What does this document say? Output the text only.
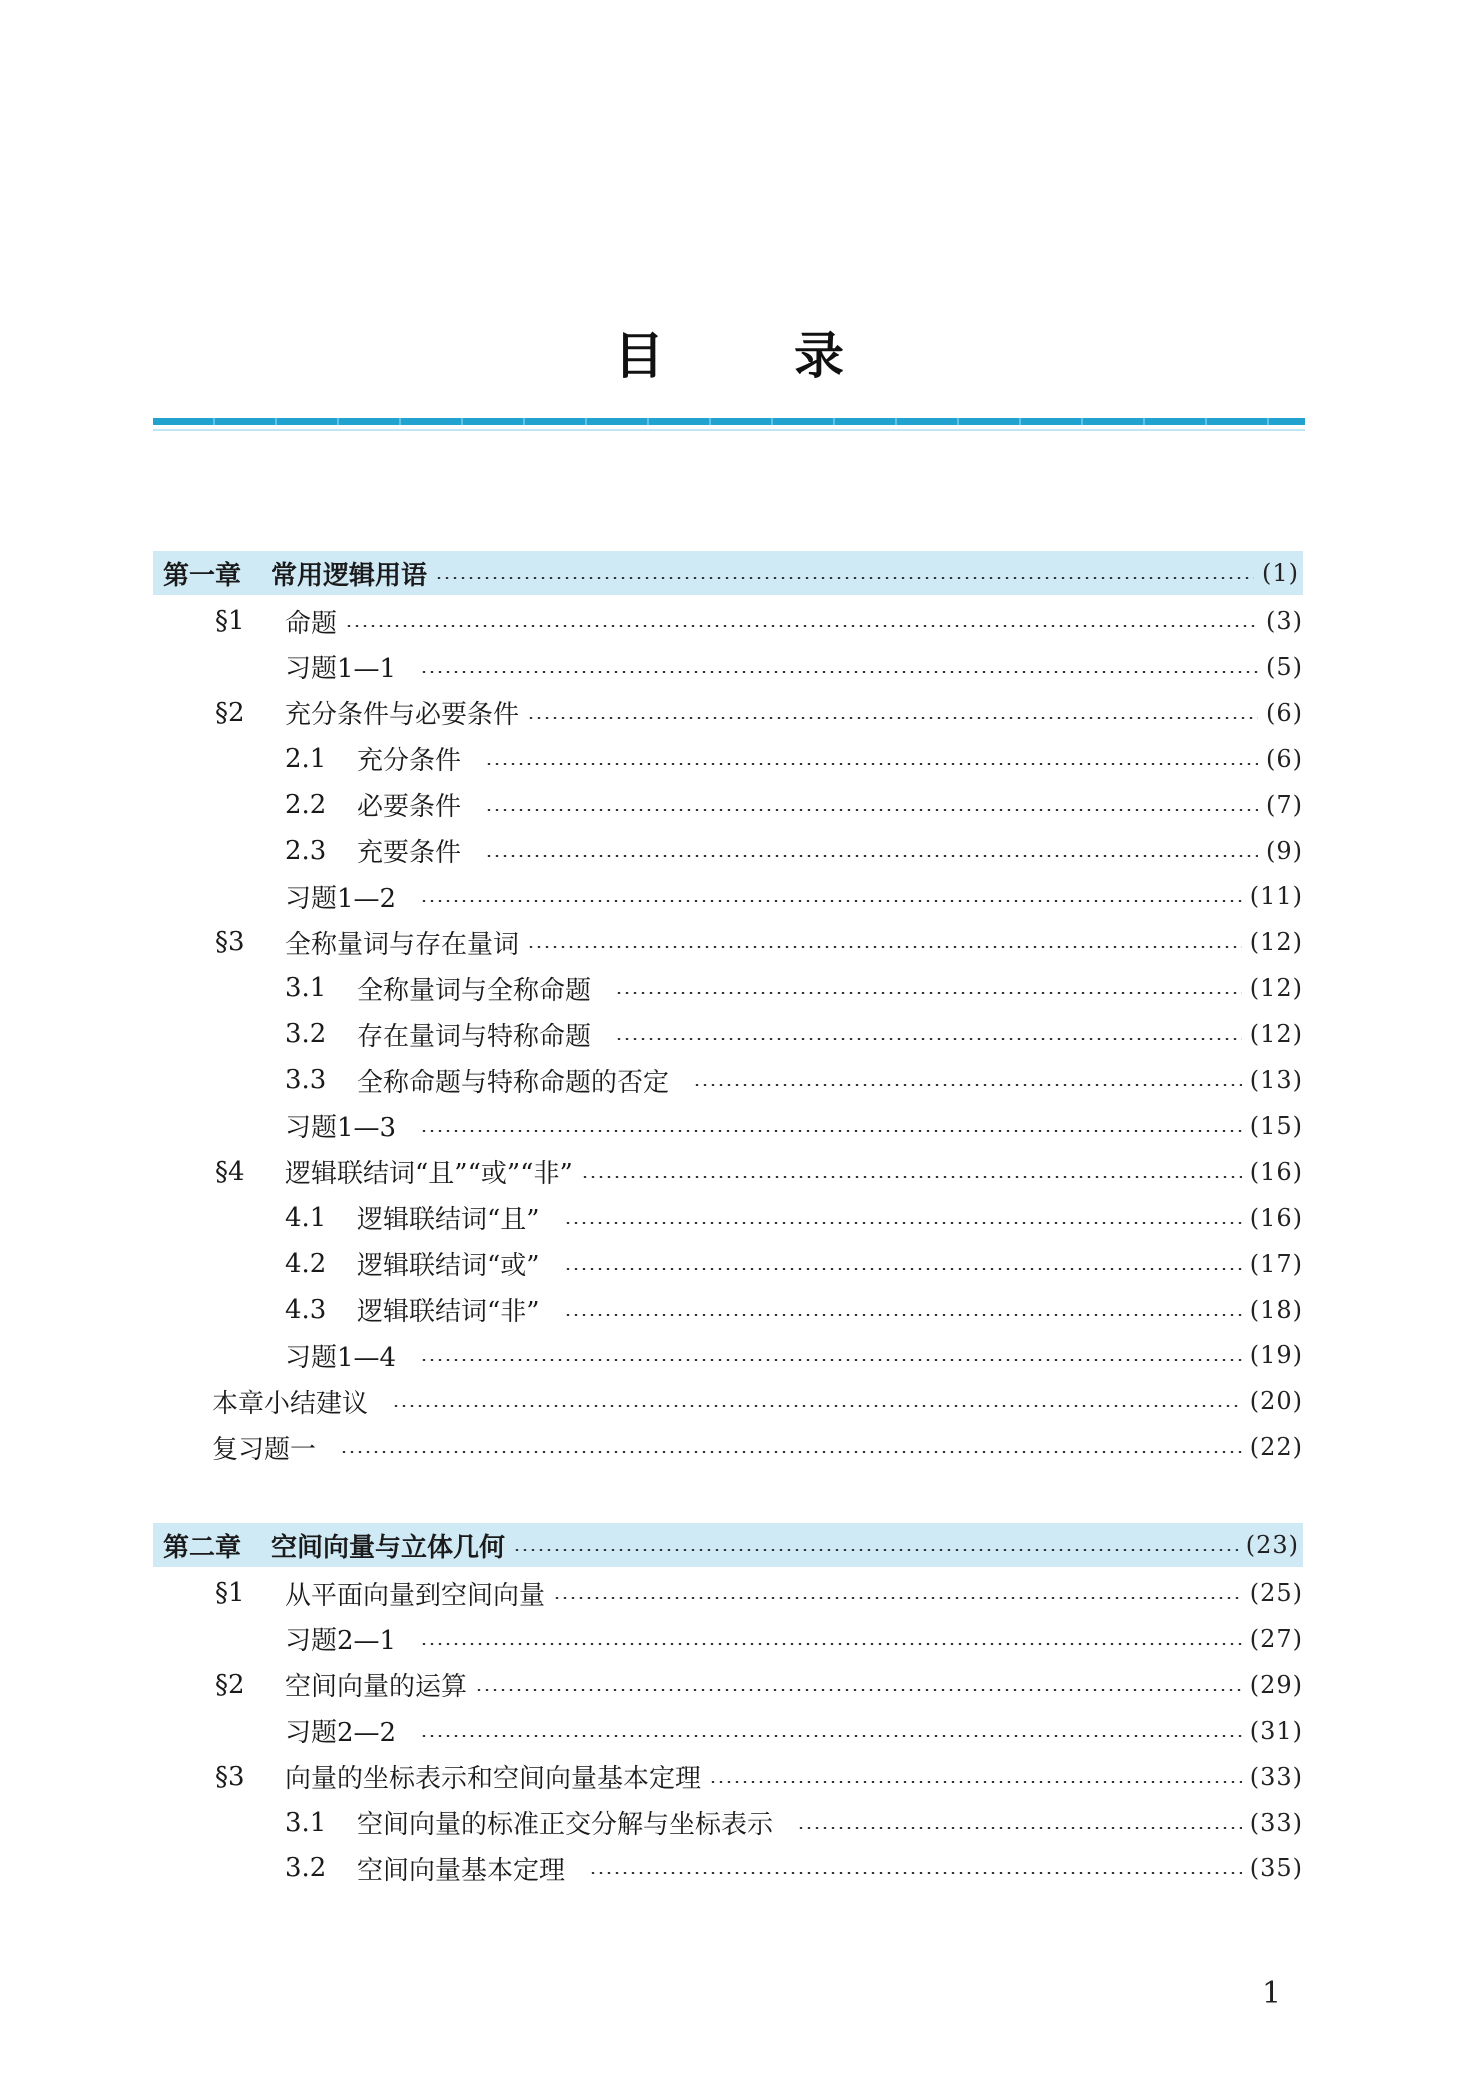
目	录
第一章 常用逻辑用语	(1)
§1	命题	(3)
习题1—1	(5)
§2	充分条件与必要条件	(6)
2.1	充分条件	(6)
2.2	必要条件	(7)
2.3	充要条件	(9)
习题1—2	(11)
§3	全称量词与存在量词	(12)
3.1	全称量词与全称命题	(12)
3.2	存在量词与特称命题	(12)
3.3	全称命题与特称命题的否定	(13)
习题1—3	(15)
§4	逻辑联结词“且”“或”“非”	(16)
4.1	逻辑联结词“且”	(16)
4.2	逻辑联结词“或”	(17)
4.3	逻辑联结词“非”	(18)
习题1—4	(19)
本章小结建议	(20)
复习题一	(22)
第二章 空间向量与立体几何	(23)
§1	从平面向量到空间向量	(25)
习题2—1	(27)
§2	空间向量的运算	(29)
习题2—2	(31)
§3	向量的坐标表示和空间向量基本定理	(33)
3.1	空间向量的标准正交分解与坐标表示	(33)
3.2	空间向量基本定理	(35)
1
